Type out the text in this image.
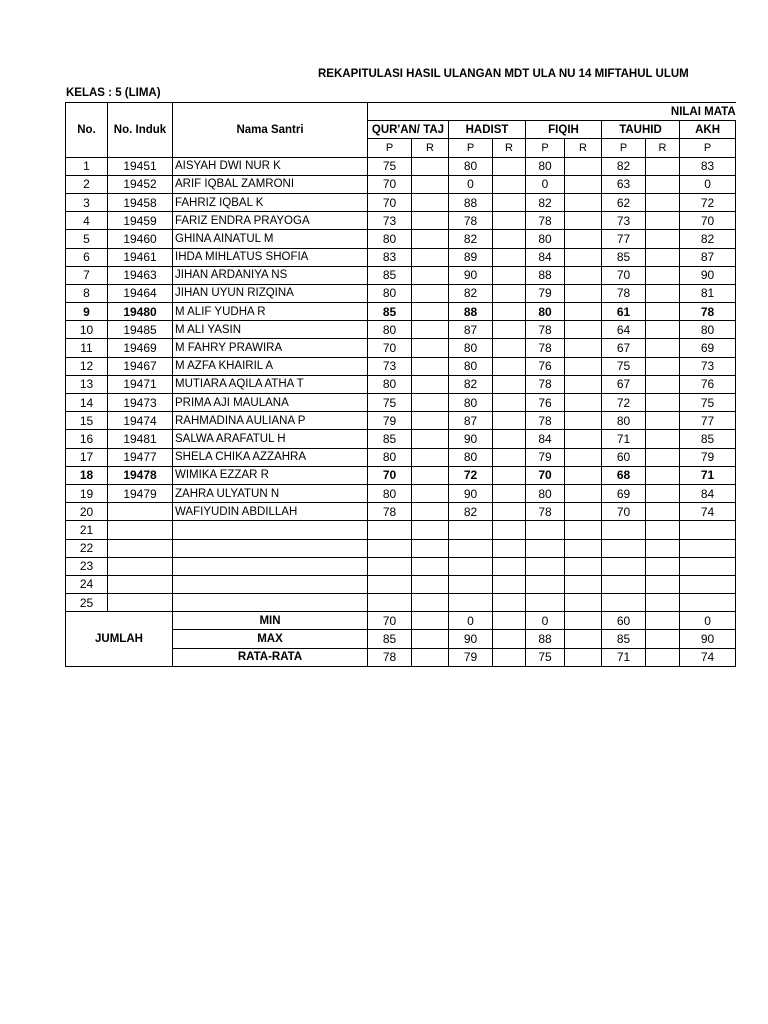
REKAPITULASI HASIL ULANGAN MDT ULA NU 14 MIFTAHUL ULUM
KELAS : 5 (LIMA)
No.	No. Induk	Nama Santri	NILAI MATA								
			QUR'AN/ TAJ		HADIST		FIQIH		TAUHID		AKH
			P	R	P	R	P	R	P	R	P
1	19451	AISYAH DWI NUR K	75		80		80		82		83
2	19452	ARIF IQBAL ZAMRONI	70		0		0		63		0
3	19458	FAHRIZ IQBAL K	70		88		82		62		72
4	19459	FARIZ ENDRA PRAYOGA	73		78		78		73		70
5	19460	GHINA AINATUL M	80		82		80		77		82
6	19461	IHDA MIHLATUS SHOFIA	83		89		84		85		87
7	19463	JIHAN ARDANIYA NS	85		90		88		70		90
8	19464	JIHAN UYUN RIZQINA	80		82		79		78		81
9	19480	M ALIF YUDHA R	85		88		80		61		78
10	19485	M ALI YASIN	80		87		78		64		80
11	19469	M FAHRY PRAWIRA	70		80		78		67		69
12	19467	M AZFA KHAIRIL A	73		80		76		75		73
13	19471	MUTIARA AQILA ATHA T	80		82		78		67		76
14	19473	PRIMA AJI MAULANA	75		80		76		72		75
15	19474	RAHMADINA AULIANA P	79		87		78		80		77
16	19481	SALWA ARAFATUL H	85		90		84		71		85
17	19477	SHELA CHIKA AZZAHRA	80		80		79		60		79
18	19478	WIMIKA EZZAR R	70		72		70		68		71
19	19479	ZAHRA ULYATUN N	80		90		80		69		84
20		WAFIYUDIN ABDILLAH	78		82		78		70		74
21											
22											
23											
24											
25											
JUMLAH		MIN	70		0		0		60		0
		MAX	85		90		88		85		90
		RATA-RATA	78		79		75		71		74
